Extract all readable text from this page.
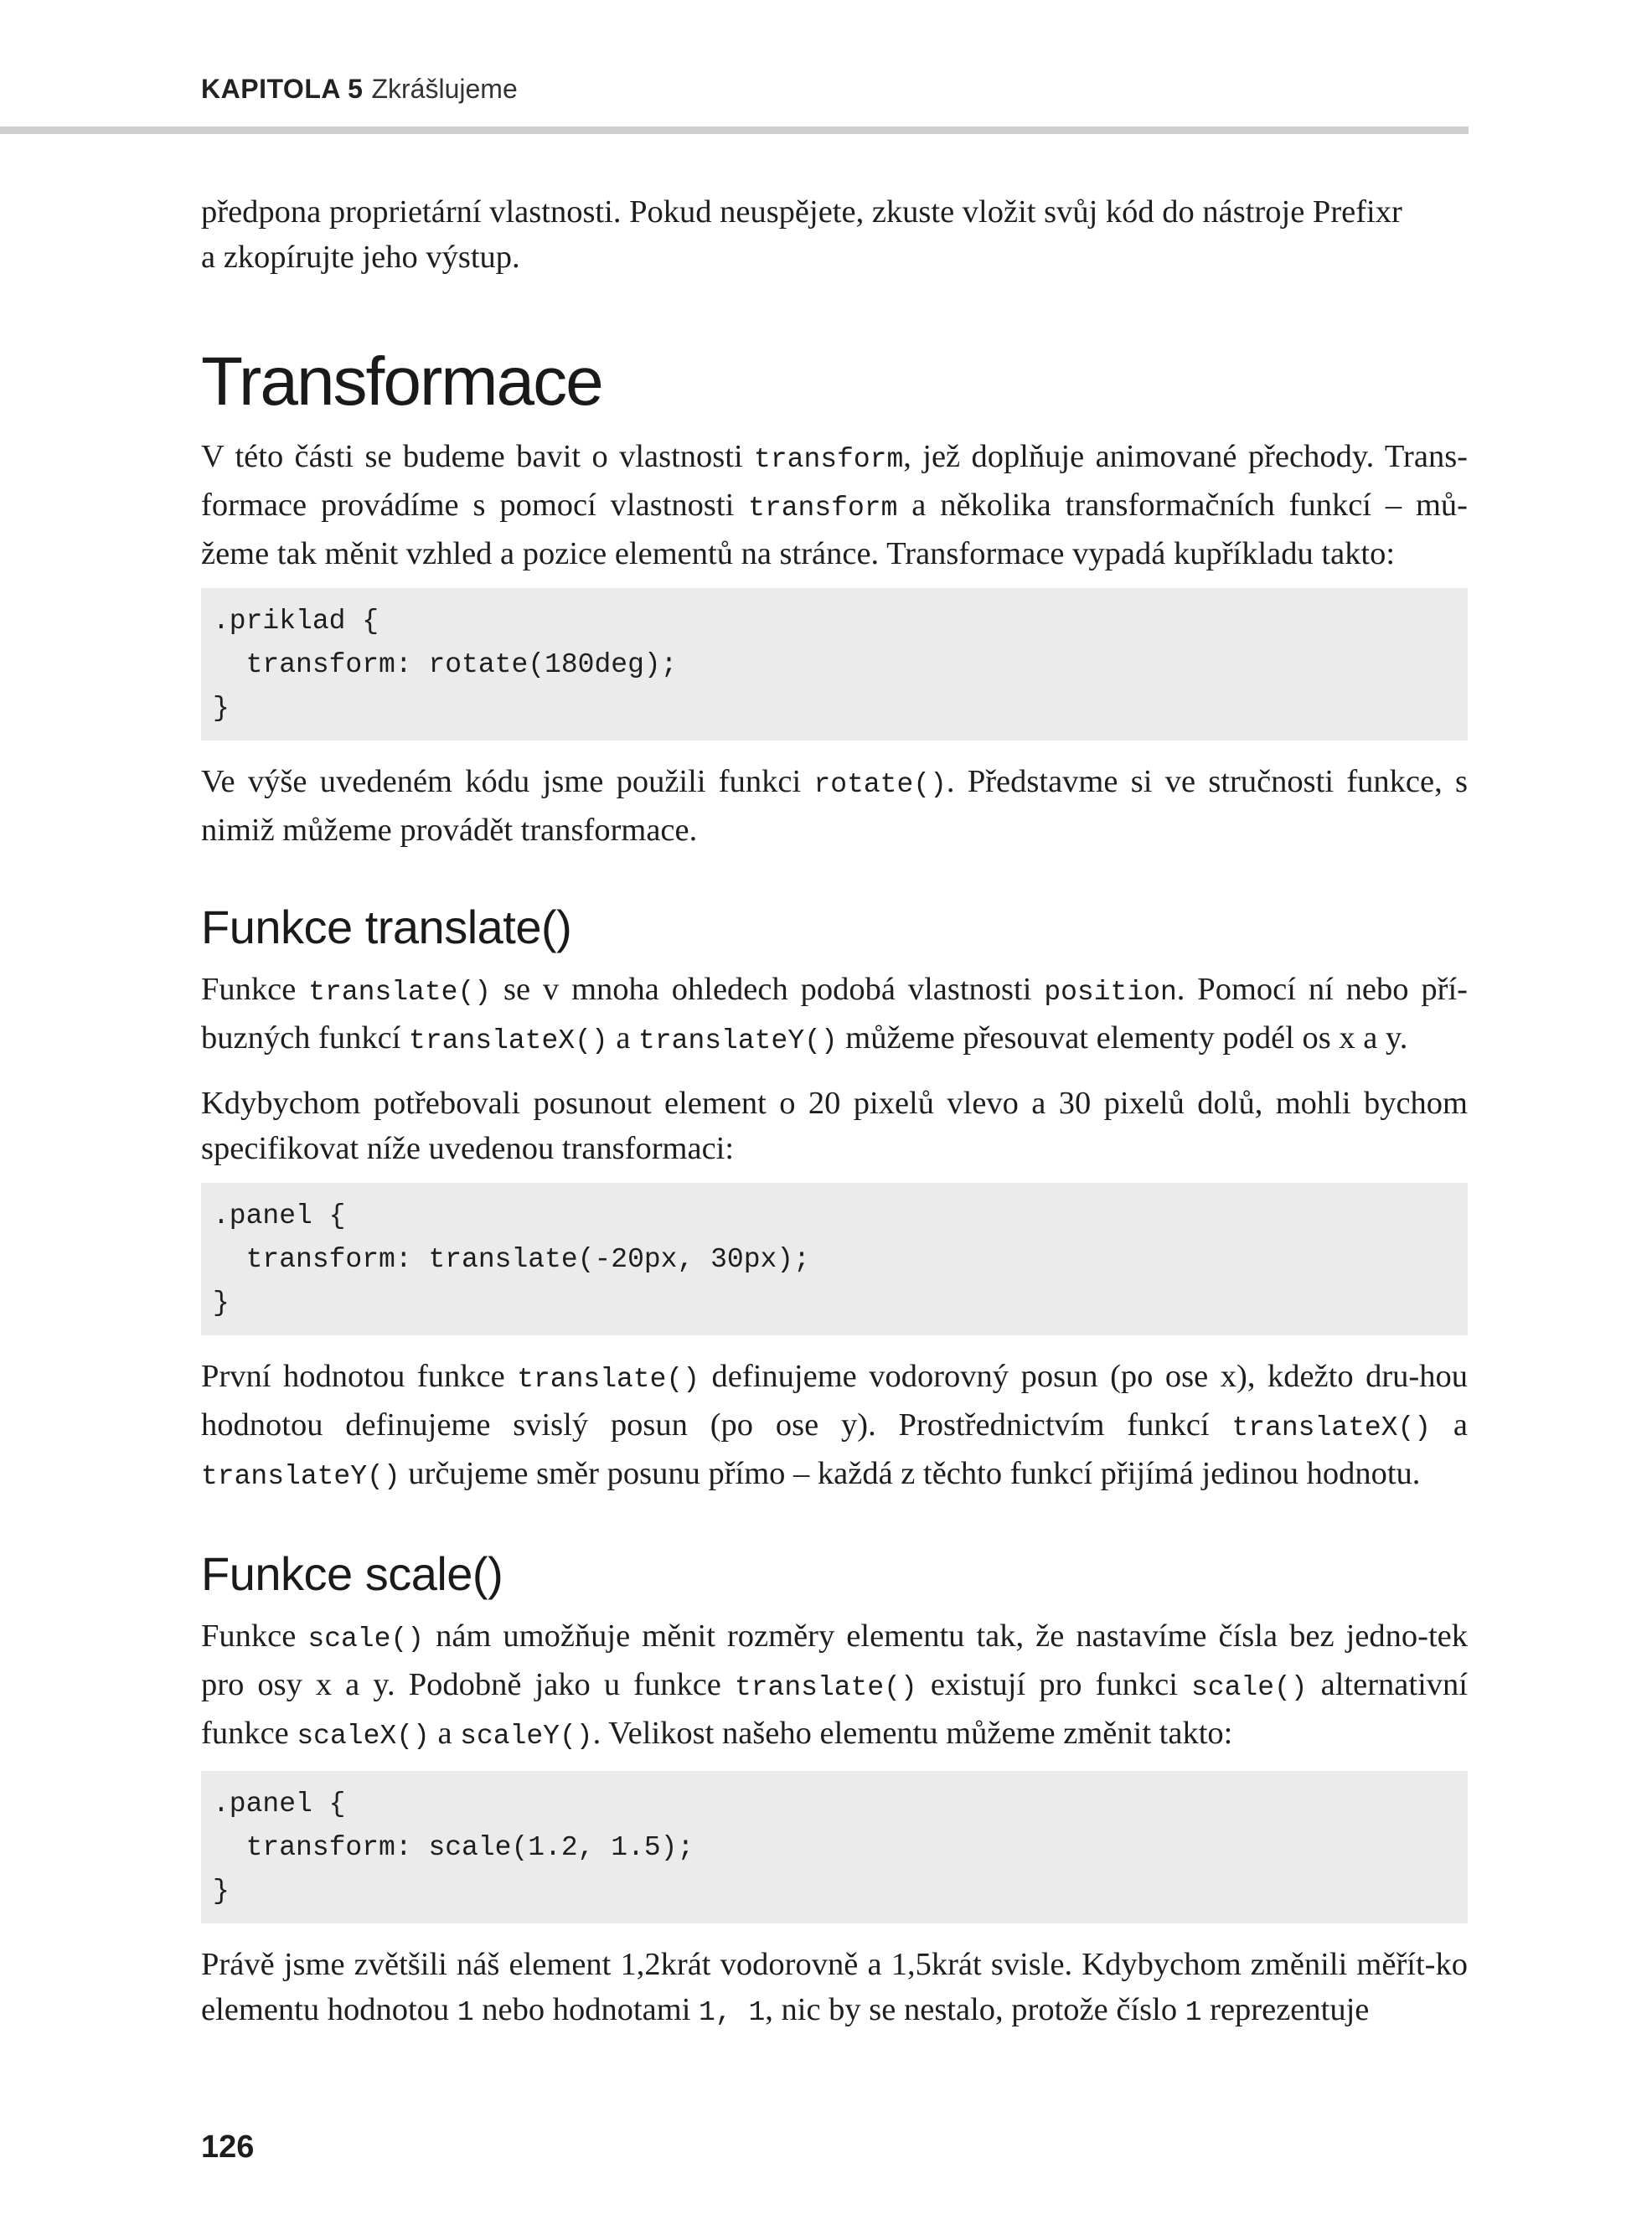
KAPITOLA 5 Zkrášlujeme

předpona proprietární vlastnosti. Pokud neuspějete, zkuste vložit svůj kód do nástroje Prefixr
a zkopírujte jeho výstup.

Transformace

V této části se budeme bavit o vlastnosti transform, jež doplňuje animované přechody. Trans-formace provádíme s pomocí vlastnosti transform a několika transformačních funkcí – mů-žeme tak měnit vzhled a pozice elementů na stránce. Transformace vypadá kupříkladu takto:

.priklad {
transform: rotate(180deg);
}

Ve výše uvedeném kódu jsme použili funkci rotate(). Představme si ve stručnosti funkce, s nimiž můžeme provádět transformace.

Funkce translate()

Funkce translate() se v mnoha ohledech podobá vlastnosti position. Pomocí ní nebo pří-buzných funkcí translateX() a translateY() můžeme přesouvat elementy podél os x a y.

Kdybychom potřebovali posunout element o 20 pixelů vlevo a 30 pixelů dolů, mohli bychom specifikovat níže uvedenou transformaci:

.panel {
transform: translate(-20px, 30px);
}

První hodnotou funkce translate() definujeme vodorovný posun (po ose x), kdežto dru-hou hodnotou definujeme svislý posun (po ose y). Prostřednictvím funkcí translateX() a translateY() určujeme směr posunu přímo – každá z těchto funkcí přijímá jedinou hodnotu.

Funkce scale()

Funkce scale() nám umožňuje měnit rozměry elementu tak, že nastavíme čísla bez jedno-tek pro osy x a y. Podobně jako u funkce translate() existují pro funkci scale() alternativní funkce scaleX() a scaleY(). Velikost našeho elementu můžeme změnit takto:

.panel {
transform: scale(1.2, 1.5);
}

Právě jsme zvětšili náš element 1,2krát vodorovně a 1,5krát svisle. Kdybychom změnili měřít-ko elementu hodnotou 1 nebo hodnotami 1, 1, nic by se nestalo, protože číslo 1 reprezentuje

126
